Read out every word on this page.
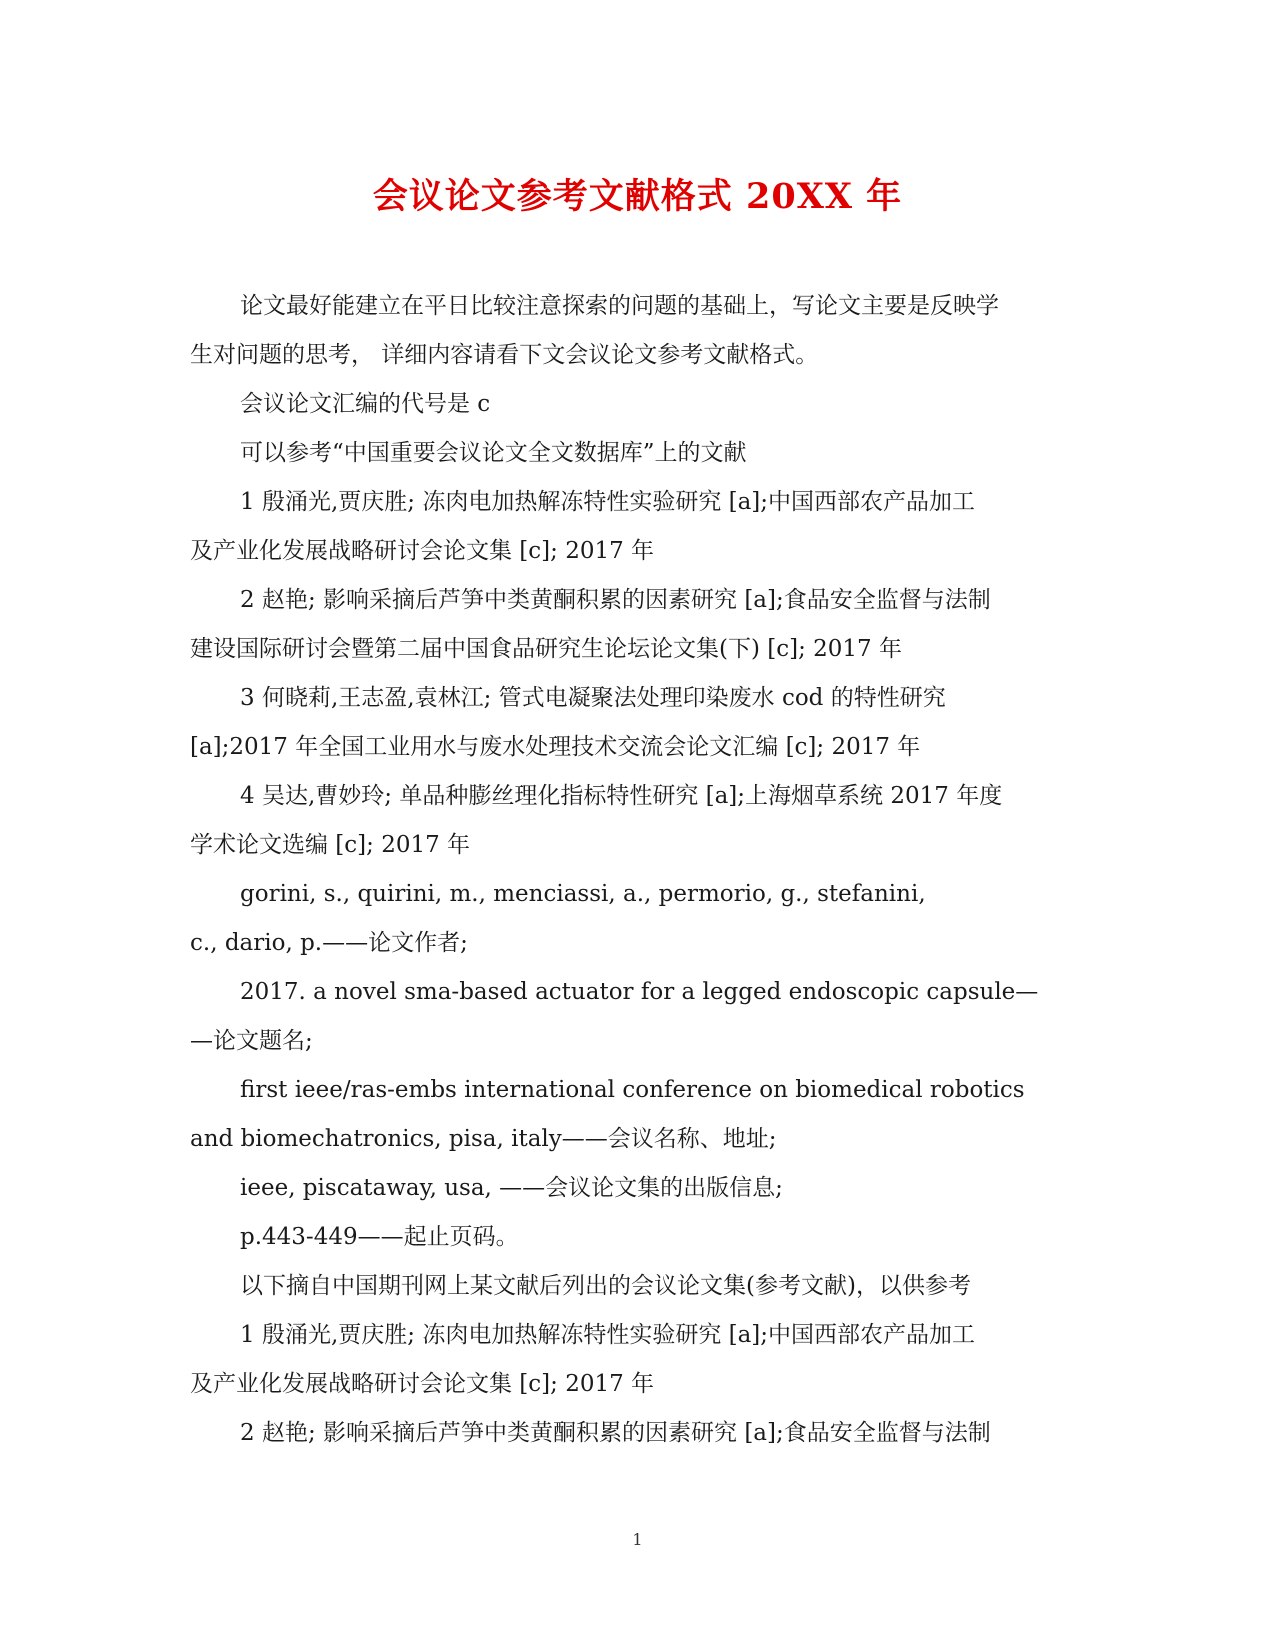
会议论文参考文献格式 20XX 年
论文最好能建立在平日比较注意探索的问题的基础上，写论文主要是反映学
生对问题的思考， 详细内容请看下文会议论文参考文献格式。
会议论文汇编的代号是 c
可以参考“中国重要会议论文全文数据库”上的文献
1 殷涌光,贾庆胜; 冻肉电加热解冻特性实验研究 [a];中国西部农产品加工
及产业化发展战略研讨会论文集 [c]; 2017 年
2 赵艳; 影响采摘后芦笋中类黄酮积累的因素研究 [a];食品安全监督与法制
建设国际研讨会暨第二届中国食品研究生论坛论文集(下) [c]; 2017 年
3 何晓莉,王志盈,袁林江; 管式电凝聚法处理印染废水 cod 的特性研究
[a];2017 年全国工业用水与废水处理技术交流会论文汇编 [c]; 2017 年
4 吴达,曹妙玲; 单品种膨丝理化指标特性研究 [a];上海烟草系统 2017 年度
学术论文选编 [c]; 2017 年
gorini, s., quirini, m., menciassi, a., permorio, g., stefanini,
c., dario, p.——论文作者;
2017. a novel sma-based actuator for a legged endoscopic capsule—
—论文题名;
first ieee/ras-embs international conference on biomedical robotics
and biomechatronics, pisa, italy——会议名称、地址;
ieee, piscataway, usa, ——会议论文集的出版信息;
p.443-449——起止页码。
以下摘自中国期刊网上某文献后列出的会议论文集(参考文献)，以供参考
1 殷涌光,贾庆胜; 冻肉电加热解冻特性实验研究 [a];中国西部农产品加工
及产业化发展战略研讨会论文集 [c]; 2017 年
2 赵艳; 影响采摘后芦笋中类黄酮积累的因素研究 [a];食品安全监督与法制
1
